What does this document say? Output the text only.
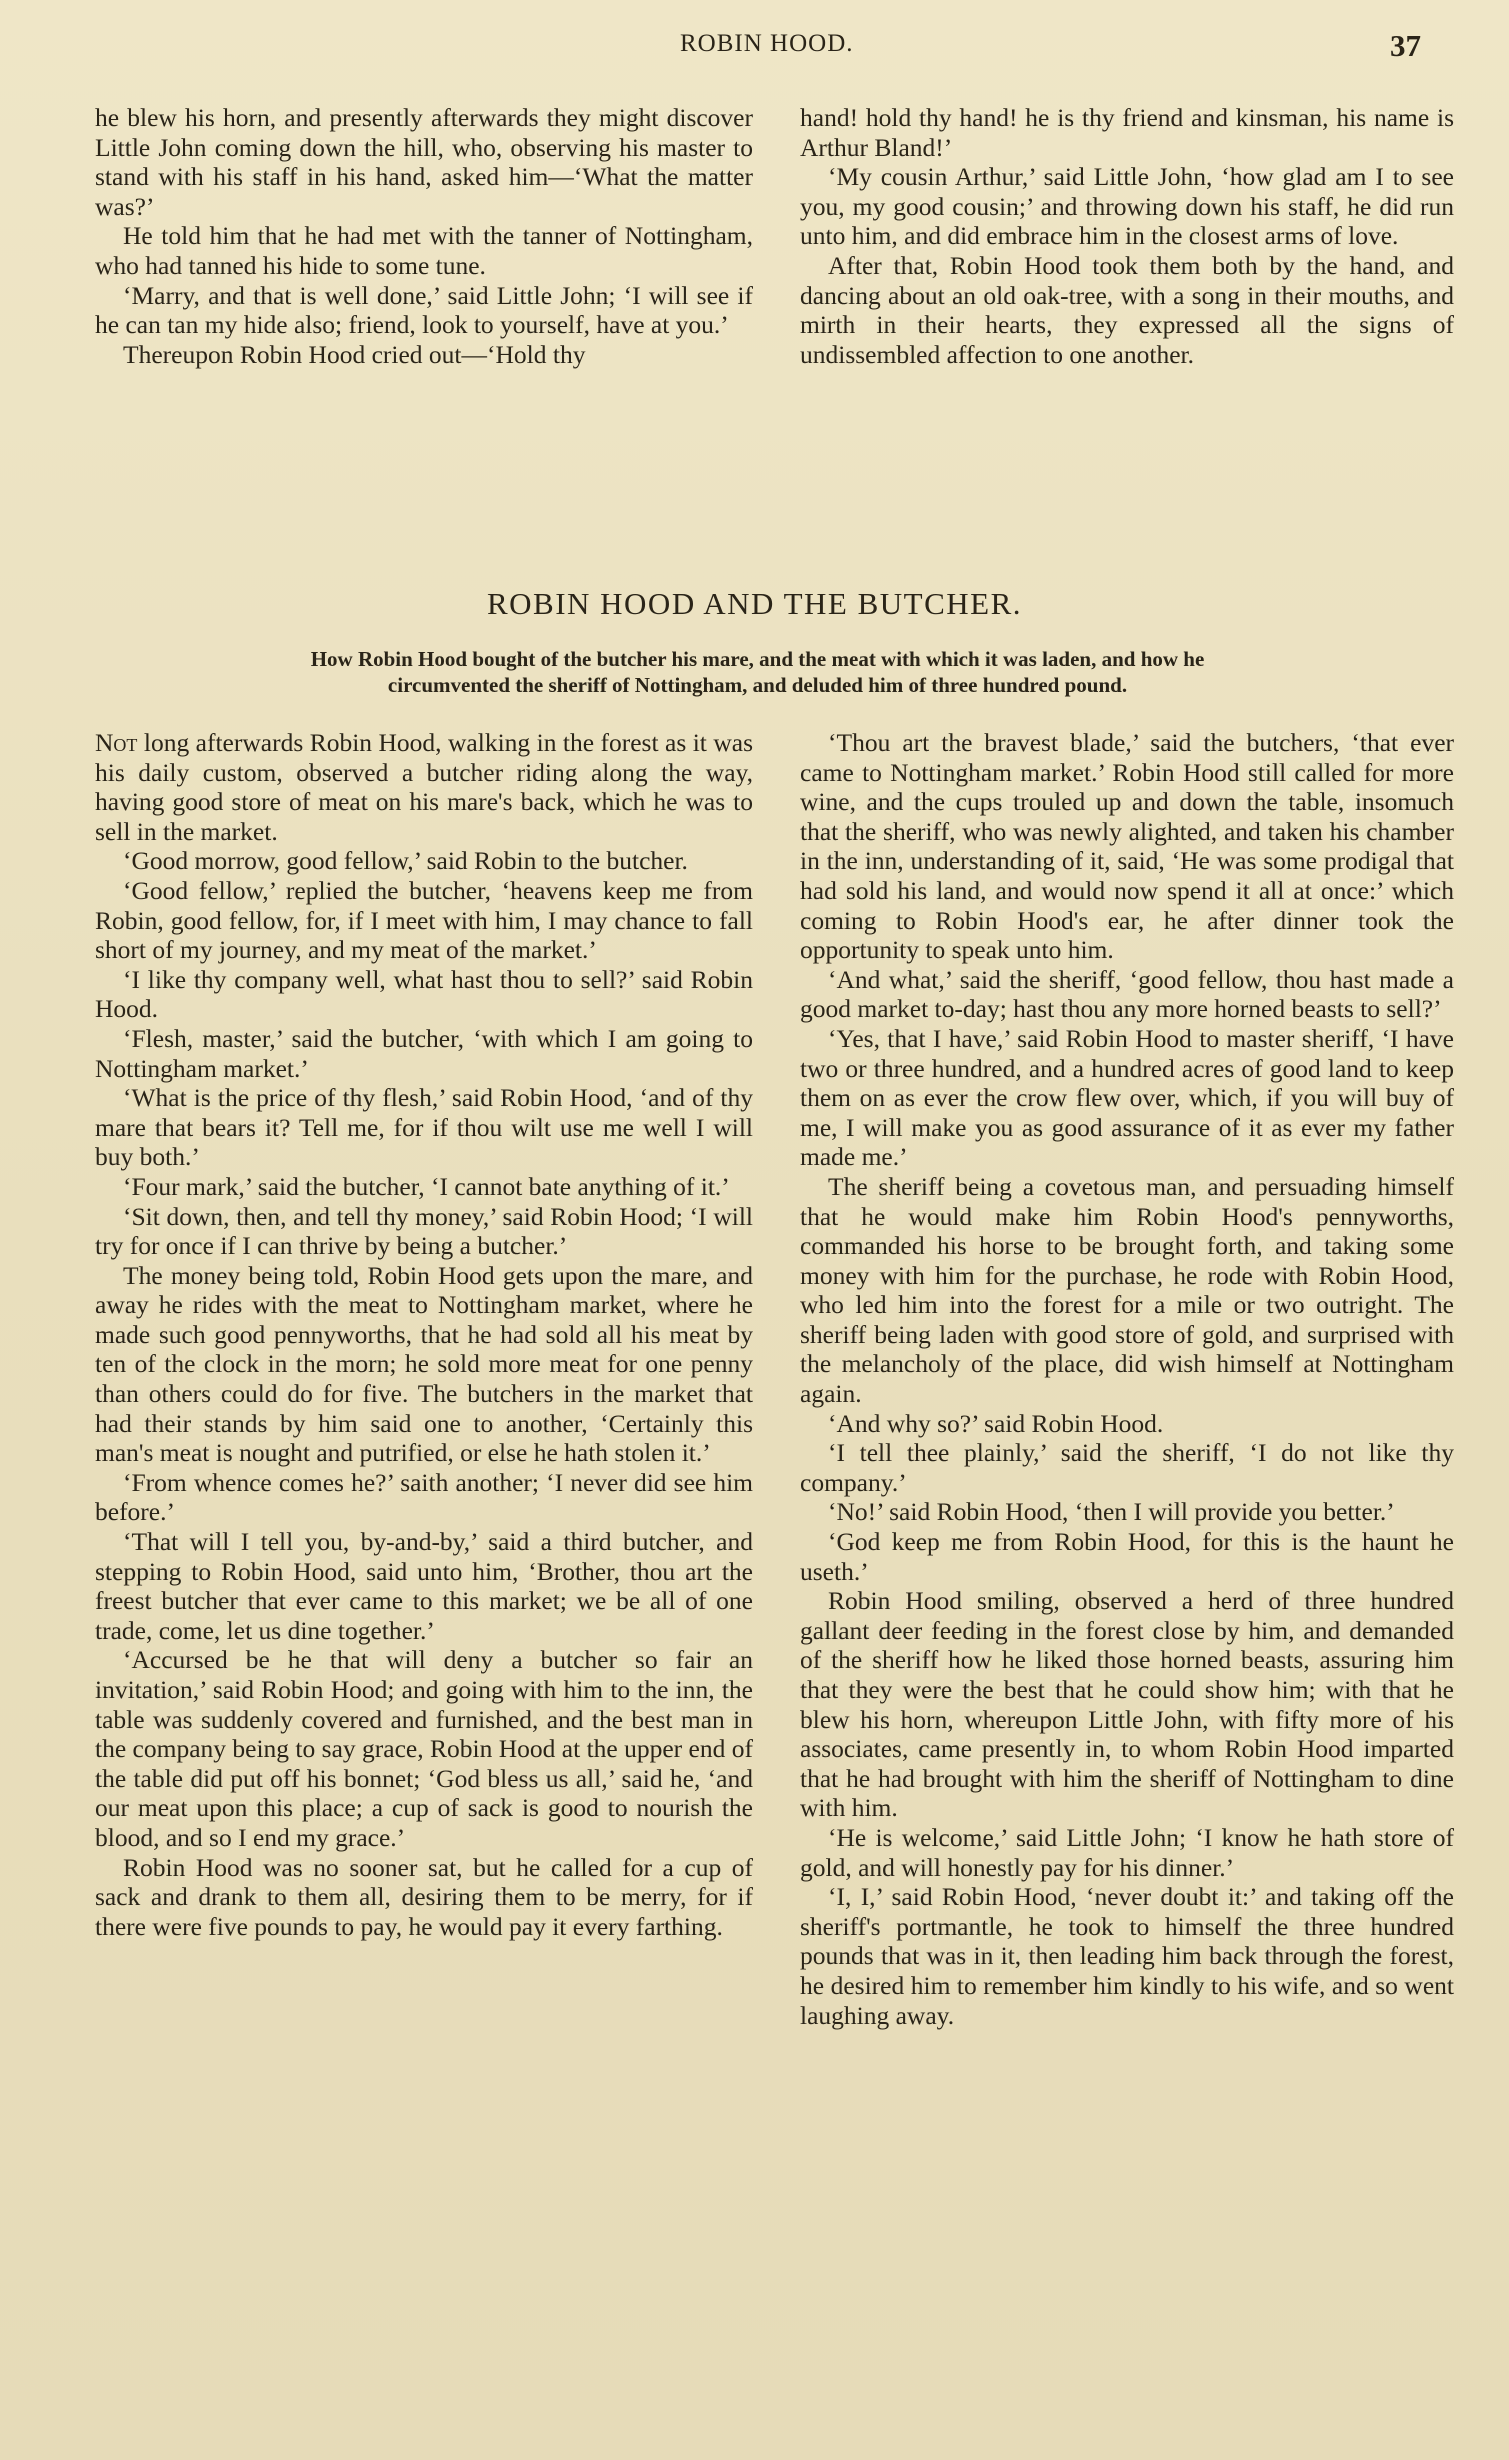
ROBIN HOOD.	37

he blew his horn, and presently afterwards they might discover Little John coming down the hill, who, observing his master to stand with his staff in his hand, asked him—‘What the matter was?’

He told him that he had met with the tanner of Nottingham, who had tanned his hide to some tune.

‘Marry, and that is well done,’ said Little John; ‘I will see if he can tan my hide also; friend, look to yourself, have at you.’

Thereupon Robin Hood cried out—‘Hold thy

hand! hold thy hand! he is thy friend and kinsman, his name is Arthur Bland!’

‘My cousin Arthur,’ said Little John, ‘how glad am I to see you, my good cousin;’ and throwing down his staff, he did run unto him, and did embrace him in the closest arms of love.

After that, Robin Hood took them both by the hand, and dancing about an old oak-tree, with a song in their mouths, and mirth in their hearts, they expressed all the signs of undissembled affection to one another.

ROBIN HOOD AND THE BUTCHER.
How Robin Hood bought of the butcher his mare, and the meat with which it was laden, and how he
circumvented the sheriff of Nottingham, and deluded him of three hundred pound.

Not long afterwards Robin Hood, walking in the forest as it was his daily custom, observed a butcher riding along the way, having good store of meat on his mare's back, which he was to sell in the market.

‘Good morrow, good fellow,’ said Robin to the butcher.

‘Good fellow,’ replied the butcher, ‘heavens keep me from Robin, good fellow, for, if I meet with him, I may chance to fall short of my journey, and my meat of the market.’

‘I like thy company well, what hast thou to sell?’ said Robin Hood.

‘Flesh, master,’ said the butcher, ‘with which I am going to Nottingham market.’

‘What is the price of thy flesh,’ said Robin Hood, ‘and of thy mare that bears it? Tell me, for if thou wilt use me well I will buy both.’

‘Four mark,’ said the butcher, ‘I cannot bate anything of it.’

‘Sit down, then, and tell thy money,’ said Robin Hood; ‘I will try for once if I can thrive by being a butcher.’

The money being told, Robin Hood gets upon the mare, and away he rides with the meat to Nottingham market, where he made such good pennyworths, that he had sold all his meat by ten of the clock in the morn; he sold more meat for one penny than others could do for five. The butchers in the market that had their stands by him said one to another, ‘Certainly this man's meat is nought and putrified, or else he hath stolen it.’

‘From whence comes he?’ saith another; ‘I never did see him before.’

‘That will I tell you, by-and-by,’ said a third butcher, and stepping to Robin Hood, said unto him, ‘Brother, thou art the freest butcher that ever came to this market; we be all of one trade, come, let us dine together.’

‘Accursed be he that will deny a butcher so fair an invitation,’ said Robin Hood; and going with him to the inn, the table was suddenly covered and furnished, and the best man in the company being to say grace, Robin Hood at the upper end of the table did put off his bonnet; ‘God bless us all,’ said he, ‘and our meat upon this place; a cup of sack is good to nourish the blood, and so I end my grace.’

Robin Hood was no sooner sat, but he called for a cup of sack and drank to them all, desiring them to be merry, for if there were five pounds to pay, he would pay it every farthing.

‘Thou art the bravest blade,’ said the butchers, ‘that ever came to Nottingham market.’ Robin Hood still called for more wine, and the cups trouled up and down the table, insomuch that the sheriff, who was newly alighted, and taken his chamber in the inn, understanding of it, said, ‘He was some prodigal that had sold his land, and would now spend it all at once:’ which coming to Robin Hood's ear, he after dinner took the opportunity to speak unto him.

‘And what,’ said the sheriff, ‘good fellow, thou hast made a good market to-day; hast thou any more horned beasts to sell?’

‘Yes, that I have,’ said Robin Hood to master sheriff, ‘I have two or three hundred, and a hundred acres of good land to keep them on as ever the crow flew over, which, if you will buy of me, I will make you as good assurance of it as ever my father made me.’

The sheriff being a covetous man, and persuading himself that he would make him Robin Hood's pennyworths, commanded his horse to be brought forth, and taking some money with him for the purchase, he rode with Robin Hood, who led him into the forest for a mile or two outright. The sheriff being laden with good store of gold, and surprised with the melancholy of the place, did wish himself at Nottingham again.

‘And why so?’ said Robin Hood.

‘I tell thee plainly,’ said the sheriff, ‘I do not like thy company.’

‘No!’ said Robin Hood, ‘then I will provide you better.’

‘God keep me from Robin Hood, for this is the haunt he useth.’

Robin Hood smiling, observed a herd of three hundred gallant deer feeding in the forest close by him, and demanded of the sheriff how he liked those horned beasts, assuring him that they were the best that he could show him; with that he blew his horn, whereupon Little John, with fifty more of his associates, came presently in, to whom Robin Hood imparted that he had brought with him the sheriff of Nottingham to dine with him.

‘He is welcome,’ said Little John; ‘I know he hath store of gold, and will honestly pay for his dinner.’

‘I, I,’ said Robin Hood, ‘never doubt it:’ and taking off the sheriff's portmantle, he took to himself the three hundred pounds that was in it, then leading him back through the forest, he desired him to remember him kindly to his wife, and so went laughing away.
